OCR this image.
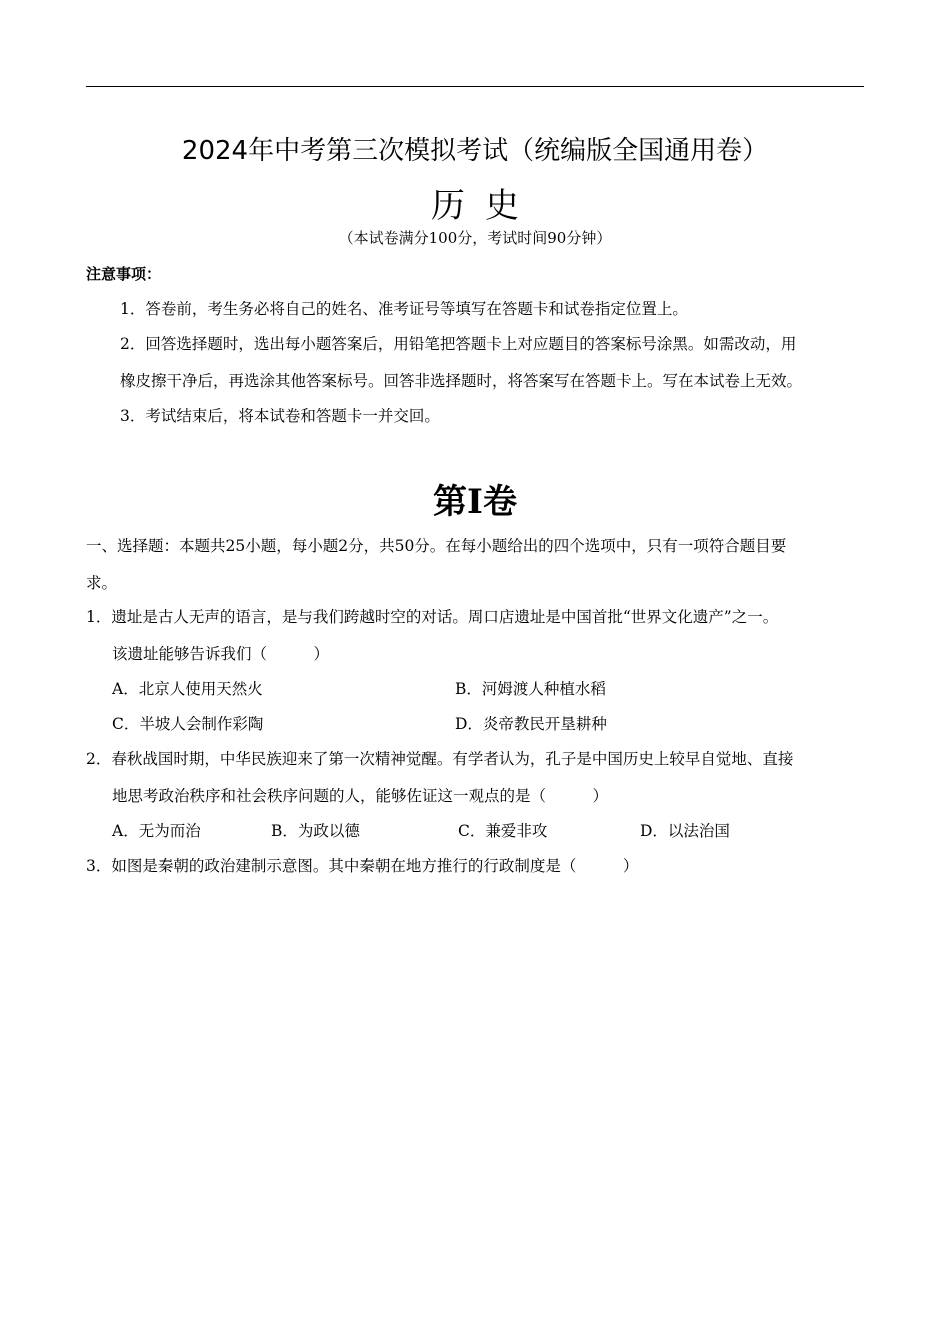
2024年中考第三次模拟考试（统编版全国通用卷）
历史
（本试卷满分100分，考试时间90分钟）
注意事项：
1．答卷前，考生务必将自己的姓名、准考证号等填写在答题卡和试卷指定位置上。
2．回答选择题时，选出每小题答案后，用铅笔把答题卡上对应题目的答案标号涂黑。如需改动，用
橡皮擦干净后，再选涂其他答案标号。回答非选择题时，将答案写在答题卡上。写在本试卷上无效。
3．考试结束后，将本试卷和答题卡一并交回。
第I卷
一、选择题：本题共25小题，每小题2分，共50分。在每小题给出的四个选项中，只有一项符合题目要
求。
1．遗址是古人无声的语言，是与我们跨越时空的对话。周口店遗址是中国首批“世界文化遗产”之一。
该遗址能够告诉我们（　　　）
A．北京人使用天然火	B．河姆渡人种植水稻
C．半坡人会制作彩陶	D．炎帝教民开垦耕种
2．春秋战国时期，中华民族迎来了第一次精神觉醒。有学者认为，孔子是中国历史上较早自觉地、直接
地思考政治秩序和社会秩序问题的人，能够佐证这一观点的是（　　　）
A．无为而治	B．为政以德	C．兼爱非攻	D．以法治国
3．如图是秦朝的政治建制示意图。其中秦朝在地方推行的行政制度是（　　　）
